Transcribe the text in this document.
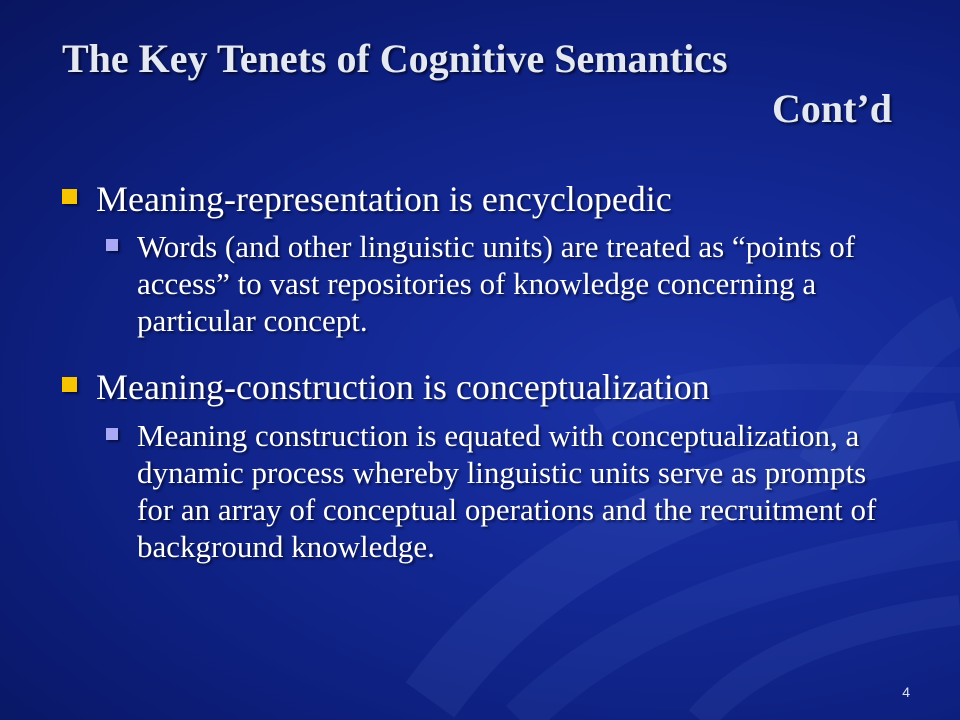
The Key Tenets of Cognitive Semantics
Cont’d
Meaning-representation is encyclopedic
Words (and other linguistic units) are treated as “points of access” to vast repositories of knowledge concerning a particular concept.
Meaning-construction is conceptualization
Meaning construction is equated with conceptualization, a dynamic process whereby linguistic units serve as prompts for an array of conceptual operations and the recruitment of background knowledge.
4
